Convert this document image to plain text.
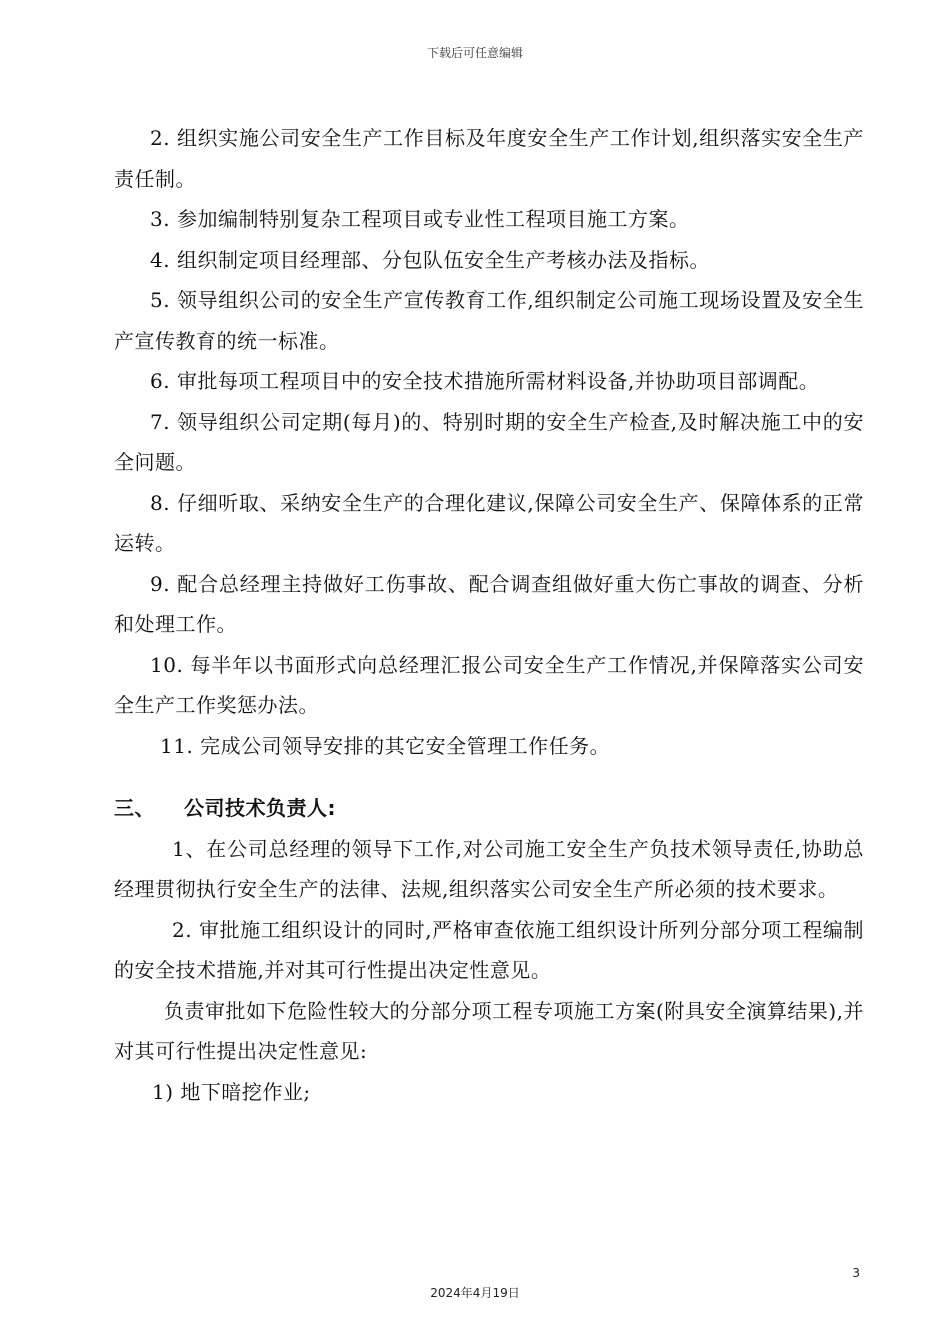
下载后可任意编辑

2. 组织实施公司安全生产工作目标及年度安全生产工作计划,组织落实安全生产责任制。

3. 参加编制特别复杂工程项目或专业性工程项目施工方案。

4. 组织制定项目经理部、分包队伍安全生产考核办法及指标。

5. 领导组织公司的安全生产宣传教育工作,组织制定公司施工现场设置及安全生产宣传教育的统一标准。

6. 审批每项工程项目中的安全技术措施所需材料设备,并协助项目部调配。

7. 领导组织公司定期(每月)的、特别时期的安全生产检查,及时解决施工中的安全问题。

8. 仔细听取、采纳安全生产的合理化建议,保障公司安全生产、保障体系的正常运转。

9. 配合总经理主持做好工伤事故、配合调查组做好重大伤亡事故的调查、分析和处理工作。

10. 每半年以书面形式向总经理汇报公司安全生产工作情况,并保障落实公司安全生产工作奖惩办法。

11. 完成公司领导安排的其它安全管理工作任务。

三、 公司技术负责人:

1、在公司总经理的领导下工作,对公司施工安全生产负技术领导责任,协助总经理贯彻执行安全生产的法律、法规,组织落实公司安全生产所必须的技术要求。

2. 审批施工组织设计的同时,严格审查依施工组织设计所列分部分项工程编制的安全技术措施,并对其可行性提出决定性意见。

负责审批如下危险性较大的分部分项工程专项施工方案(附具安全演算结果),并对其可行性提出决定性意见:

1) 地下暗挖作业;

3
2024年4月19日
